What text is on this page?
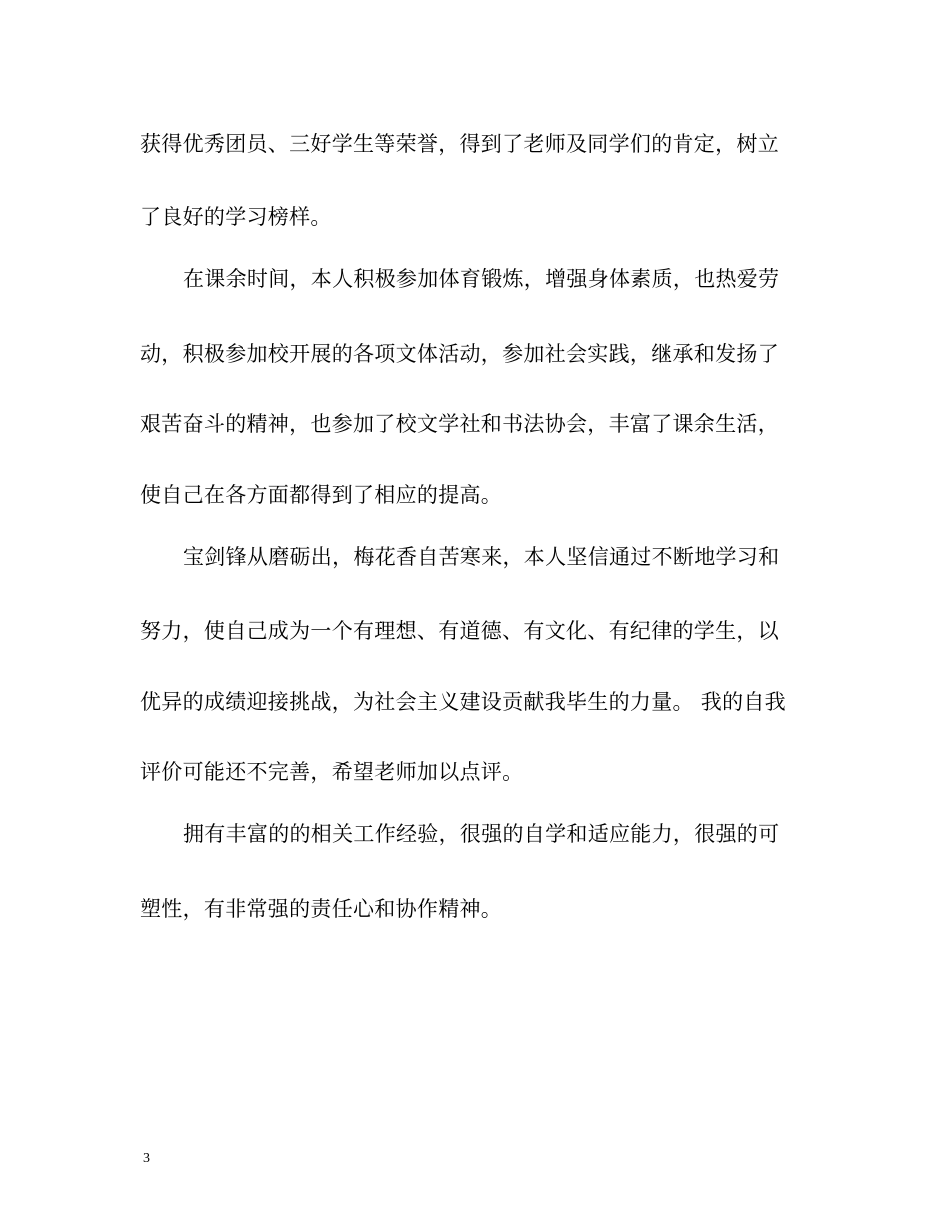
获得优秀团员、三好学生等荣誉，得到了老师及同学们的肯定，树立
了良好的学习榜样。
在课余时间，本人积极参加体育锻炼，增强身体素质，也热爱劳
动，积极参加校开展的各项文体活动，参加社会实践，继承和发扬了
艰苦奋斗的精神，也参加了校文学社和书法协会，丰富了课余生活，
使自己在各方面都得到了相应的提高。
宝剑锋从磨砺出，梅花香自苦寒来，本人坚信通过不断地学习和
努力，使自己成为一个有理想、有道德、有文化、有纪律的学生，以
优异的成绩迎接挑战，为社会主义建设贡献我毕生的力量。 我的自我
评价可能还不完善，希望老师加以点评。
拥有丰富的的相关工作经验，很强的自学和适应能力，很强的可
塑性，有非常强的责任心和协作精神。
3
